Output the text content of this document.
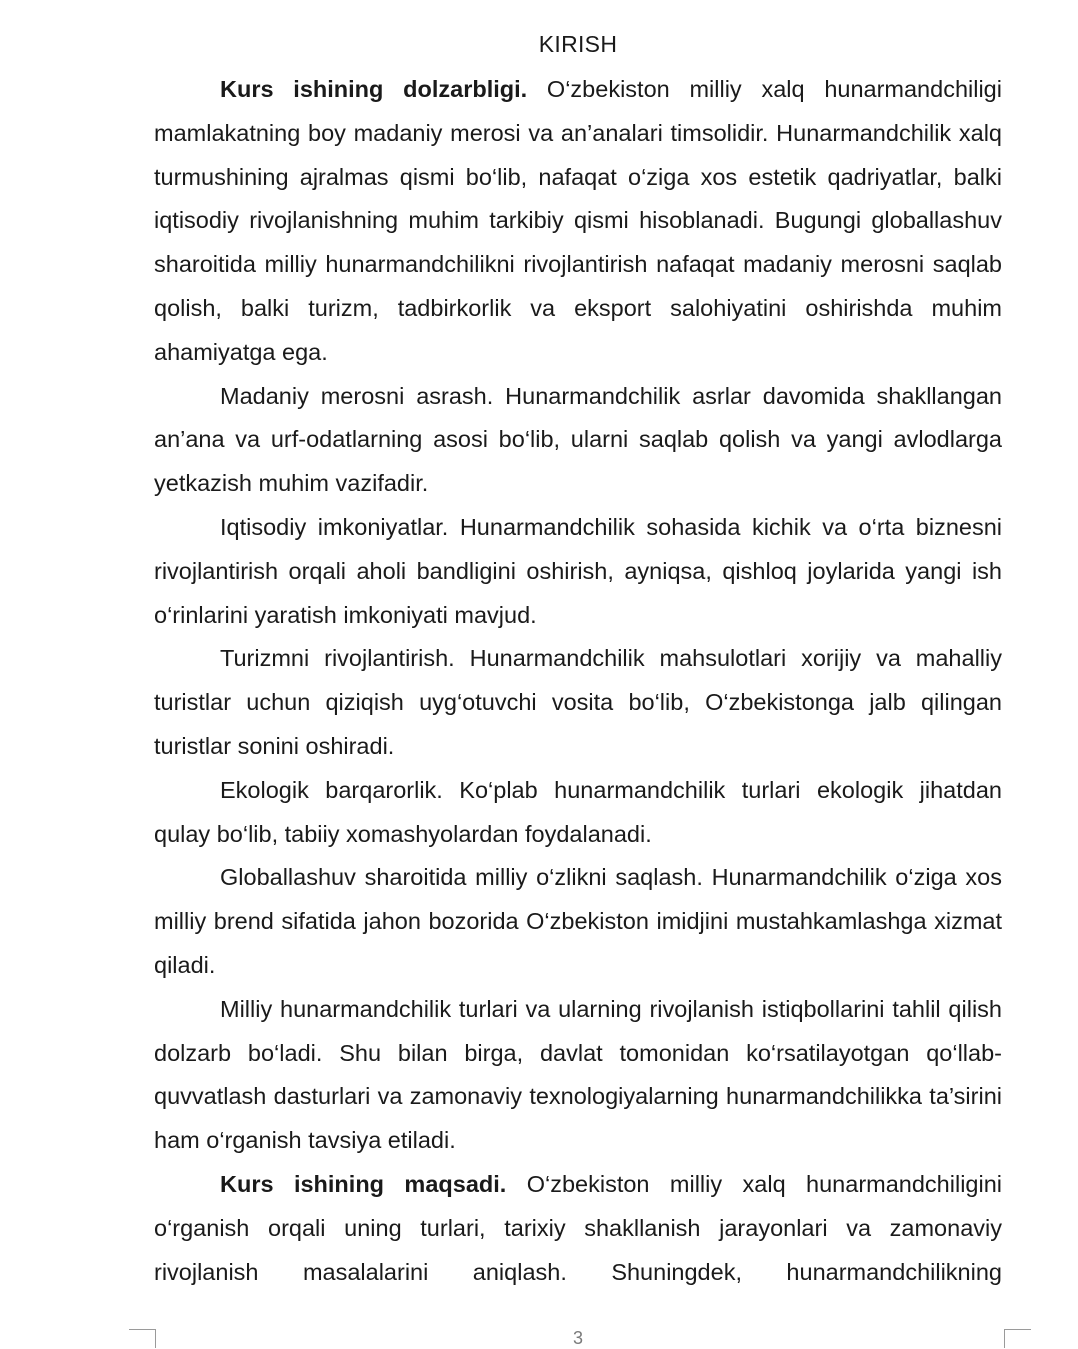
KIRISH

Kurs ishining dolzarbligi. O‘zbekiston milliy xalq hunarmandchiligi mamlakatning boy madaniy merosi va an’analari timsolidir. Hunarmandchilik xalq turmushining ajralmas qismi bo‘lib, nafaqat o‘ziga xos estetik qadriyatlar, balki iqtisodiy rivojlanishning muhim tarkibiy qismi hisoblanadi. Bugungi globallashuv sharoitida milliy hunarmandchilikni rivojlantirish nafaqat madaniy merosni saqlab qolish, balki turizm, tadbirkorlik va eksport salohiyatini oshirishda muhim ahamiyatga ega.

Madaniy merosni asrash. Hunarmandchilik asrlar davomida shakllangan an’ana va urf-odatlarning asosi bo‘lib, ularni saqlab qolish va yangi avlodlarga yetkazish muhim vazifadir.

Iqtisodiy imkoniyatlar. Hunarmandchilik sohasida kichik va o‘rta biznesni rivojlantirish orqali aholi bandligini oshirish, ayniqsa, qishloq joylarida yangi ish o‘rinlarini yaratish imkoniyati mavjud.

Turizmni rivojlantirish. Hunarmandchilik mahsulotlari xorijiy va mahalliy turistlar uchun qiziqish uyg‘otuvchi vosita bo‘lib, O‘zbekistonga jalb qilingan turistlar sonini oshiradi.

Ekologik barqarorlik. Ko‘plab hunarmandchilik turlari ekologik jihatdan qulay bo‘lib, tabiiy xomashyolardan foydalanadi.

Globallashuv sharoitida milliy o‘zlikni saqlash. Hunarmandchilik o‘ziga xos milliy brend sifatida jahon bozorida O‘zbekiston imidjini mustahkamlashga xizmat qiladi.

Milliy hunarmandchilik turlari va ularning rivojlanish istiqbollarini tahlil qilish dolzarb bo‘ladi. Shu bilan birga, davlat tomonidan ko‘rsatilayotgan qo‘llab-quvvatlash dasturlari va zamonaviy texnologiyalarning hunarmandchilikka ta’sirini ham o‘rganish tavsiya etiladi.

Kurs ishining maqsadi. O‘zbekiston milliy xalq hunarmandchiligini o‘rganish orqali uning turlari, tarixiy shakllanish jarayonlari va zamonaviy rivojlanish masalalarini aniqlash. Shuningdek, hunarmandchilikning

3
